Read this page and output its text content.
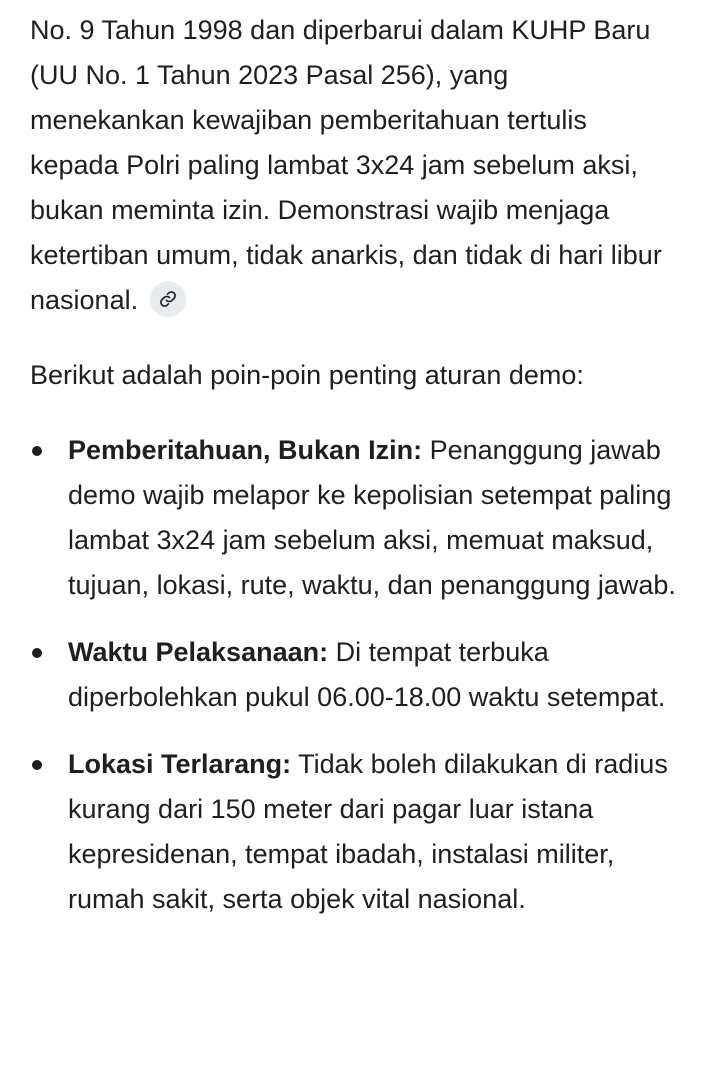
No. 9 Tahun 1998 dan diperbarui dalam KUHP Baru (UU No. 1 Tahun 2023 Pasal 256), yang menekankan kewajiban pemberitahuan tertulis kepada Polri paling lambat 3x24 jam sebelum aksi, bukan meminta izin. Demonstrasi wajib menjaga ketertiban umum, tidak anarkis, dan tidak di hari libur nasional.

Berikut adalah poin-poin penting aturan demo:

Pemberitahuan, Bukan Izin: Penanggung jawab demo wajib melapor ke kepolisian setempat paling lambat 3x24 jam sebelum aksi, memuat maksud, tujuan, lokasi, rute, waktu, dan penanggung jawab.
Waktu Pelaksanaan: Di tempat terbuka diperbolehkan pukul 06.00-18.00 waktu setempat.
Lokasi Terlarang: Tidak boleh dilakukan di radius kurang dari 150 meter dari pagar luar istana kepresidenan, tempat ibadah, instalasi militer, rumah sakit, serta objek vital nasional.
